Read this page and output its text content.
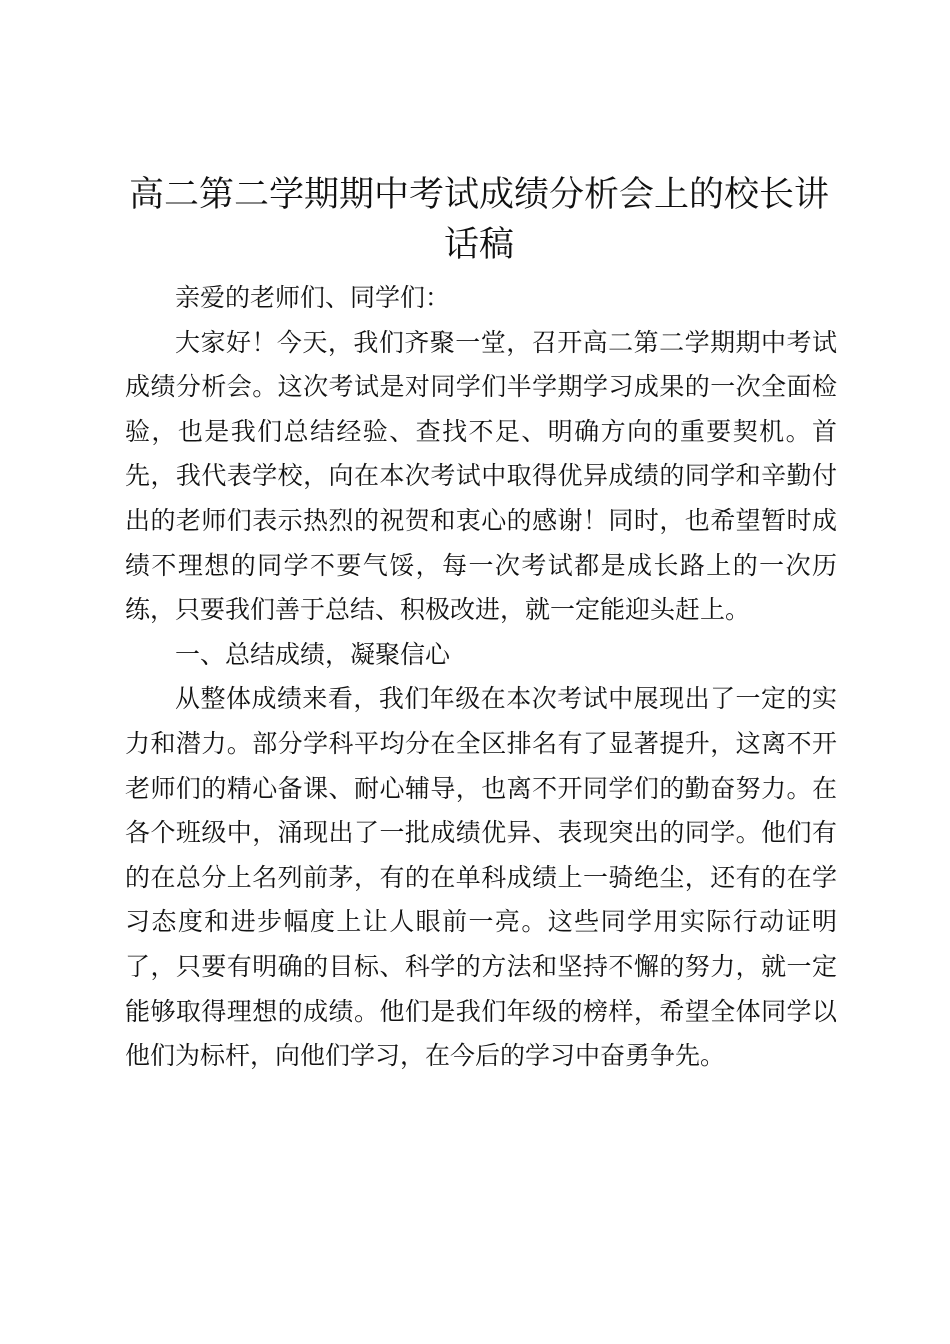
高二第二学期期中考试成绩分析会上的校长讲话稿

亲爱的老师们、同学们：

大家好！今天，我们齐聚一堂，召开高二第二学期期中考试成绩分析会。这次考试是对同学们半学期学习成果的一次全面检验，也是我们总结经验、查找不足、明确方向的重要契机。首先，我代表学校，向在本次考试中取得优异成绩的同学和辛勤付出的老师们表示热烈的祝贺和衷心的感谢！同时，也希望暂时成绩不理想的同学不要气馁，每一次考试都是成长路上的一次历练，只要我们善于总结、积极改进，就一定能迎头赶上。

一、总结成绩，凝聚信心

从整体成绩来看，我们年级在本次考试中展现出了一定的实力和潜力。部分学科平均分在全区排名有了显著提升，这离不开老师们的精心备课、耐心辅导，也离不开同学们的勤奋努力。在各个班级中，涌现出了一批成绩优异、表现突出的同学。他们有的在总分上名列前茅，有的在单科成绩上一骑绝尘，还有的在学习态度和进步幅度上让人眼前一亮。这些同学用实际行动证明了，只要有明确的目标、科学的方法和坚持不懈的努力，就一定能够取得理想的成绩。他们是我们年级的榜样，希望全体同学以他们为标杆，向他们学习，在今后的学习中奋勇争先。
